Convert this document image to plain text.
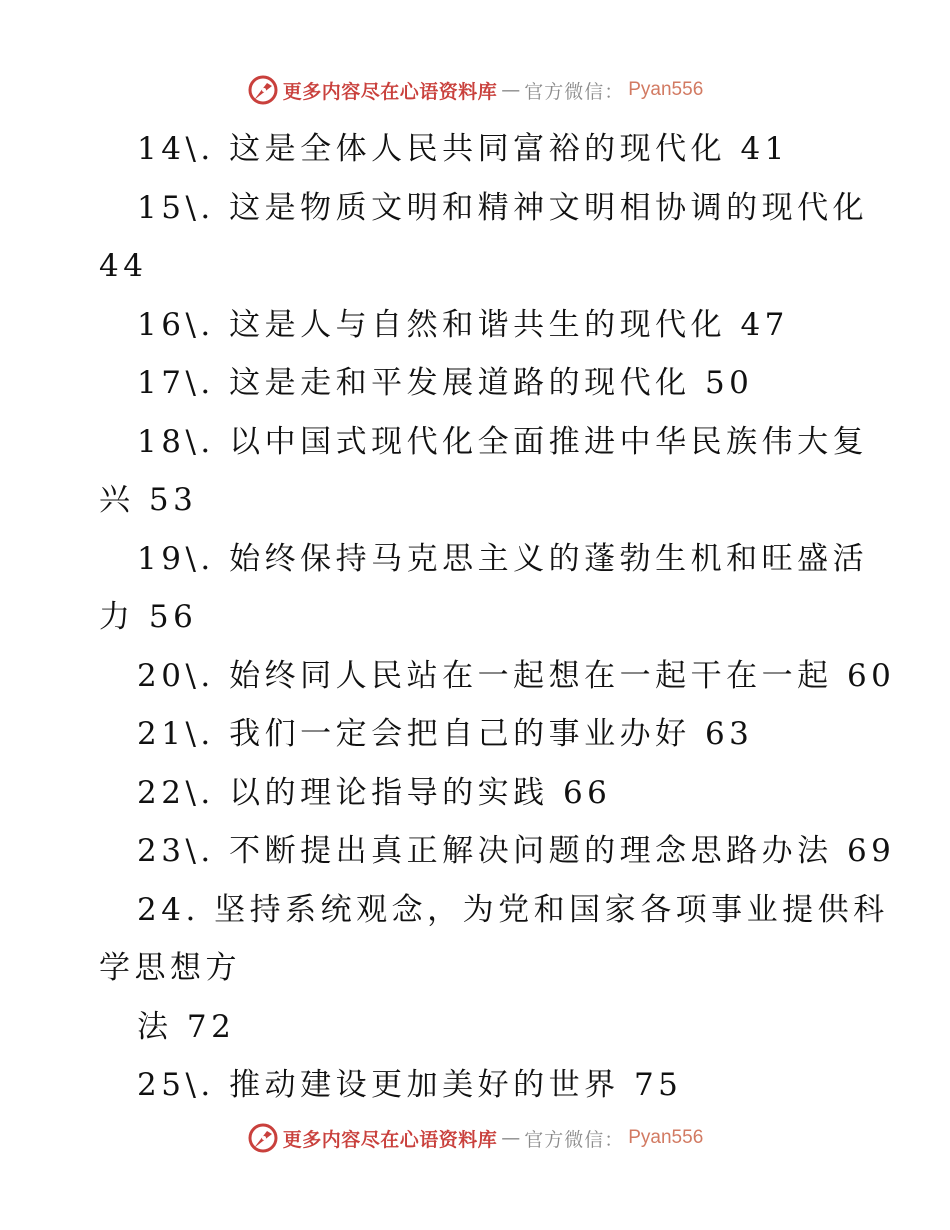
更多内容尽在心语资料库 — 官方微信： Pyan556
14\. 这是全体人民共同富裕的现代化 41
15\. 这是物质文明和精神文明相协调的现代化
44
16\. 这是人与自然和谐共生的现代化 47
17\. 这是走和平发展道路的现代化 50
18\. 以中国式现代化全面推进中华民族伟大复
兴 53
19\. 始终保持马克思主义的蓬勃生机和旺盛活
力 56
20\. 始终同人民站在一起想在一起干在一起 60
21\. 我们一定会把自己的事业办好 63
22\. 以的理论指导的实践 66
23\. 不断提出真正解决问题的理念思路办法 69
24. 坚持系统观念，为党和国家各项事业提供科
学思想方
法 72
25\. 推动建设更加美好的世界 75
更多内容尽在心语资料库 — 官方微信： Pyan556
